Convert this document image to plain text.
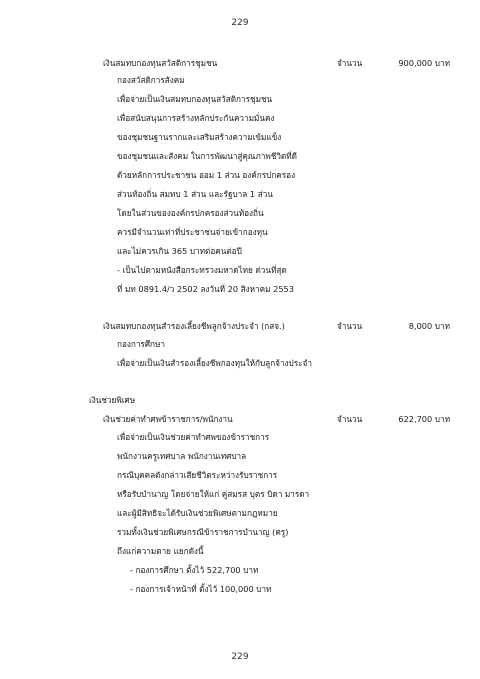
229
เงินสมทบกองทุนสวัสดิการชุมชน	จำนวน	900,000 บาท
กองสวัสดิการสังคม
เพื่อจ่ายเป็นเงินสมทบกองทุนสวัสดิการชุมชน
เพื่อสนับสนุนการสร้างหลักประกันความมั่นคง
ของชุมชนฐานรากและเสริมสร้างความเข้มแข็ง
ของชุมชนและสังคม ในการพัฒนาสู่คุณภาพชีวิตที่ดี
ด้วยหลักการประชาชน ออม 1 ส่วน องค์กรปกครอง
ส่วนท้องถิ่น สมทบ 1 ส่วน และรัฐบาล 1 ส่วน
โดยในส่วนขององค์กรปกครองส่วนท้องถิ่น
ควรมีจำนวนเท่าที่ประชาชนจ่ายเข้ากองทุน
และไม่ควรเกิน 365 บาทต่อคนต่อปี
- เป็นไปตามหนังสือกระทรวงมหาดไทย ด่วนที่สุด
ที่ มท 0891.4/ว 2502 ลงวันที่ 20 สิงหาคม 2553
เงินสมทบกองทุนสำรองเลี้ยงชีพลูกจ้างประจำ (กสจ.)	จำนวน	8,000 บาท
กองการศึกษา
เพื่อจ่ายเป็นเงินสำรองเลี้ยงชีพกองทุนให้กับลูกจ้างประจำ
เงินช่วยพิเศษ
เงินช่วยค่าทำศพข้าราชการ/พนักงาน	จำนวน	622,700 บาท
เพื่อจ่ายเป็นเงินช่วยค่าทำศพของข้าราชการ
พนักงานครูเทศบาล พนักงานเทศบาล
กรณีบุคคลดังกล่าวเสียชีวิตระหว่างรับราชการ
หรือรับบำนาญ โดยจ่ายให้แก่ คู่สมรส บุตร บิดา มารดา
และผู้มีสิทธิจะได้รับเงินช่วยพิเศษตามกฎหมาย
รวมทั้งเงินช่วยพิเศษกรณีข้าราชการบำนาญ (ครู)
ถึงแก่ความตาย แยกดังนี้
- กองการศึกษา ตั้งไว้ 522,700 บาท
- กองการเจ้าหน้าที่ ตั้งไว้ 100,000 บาท
229
